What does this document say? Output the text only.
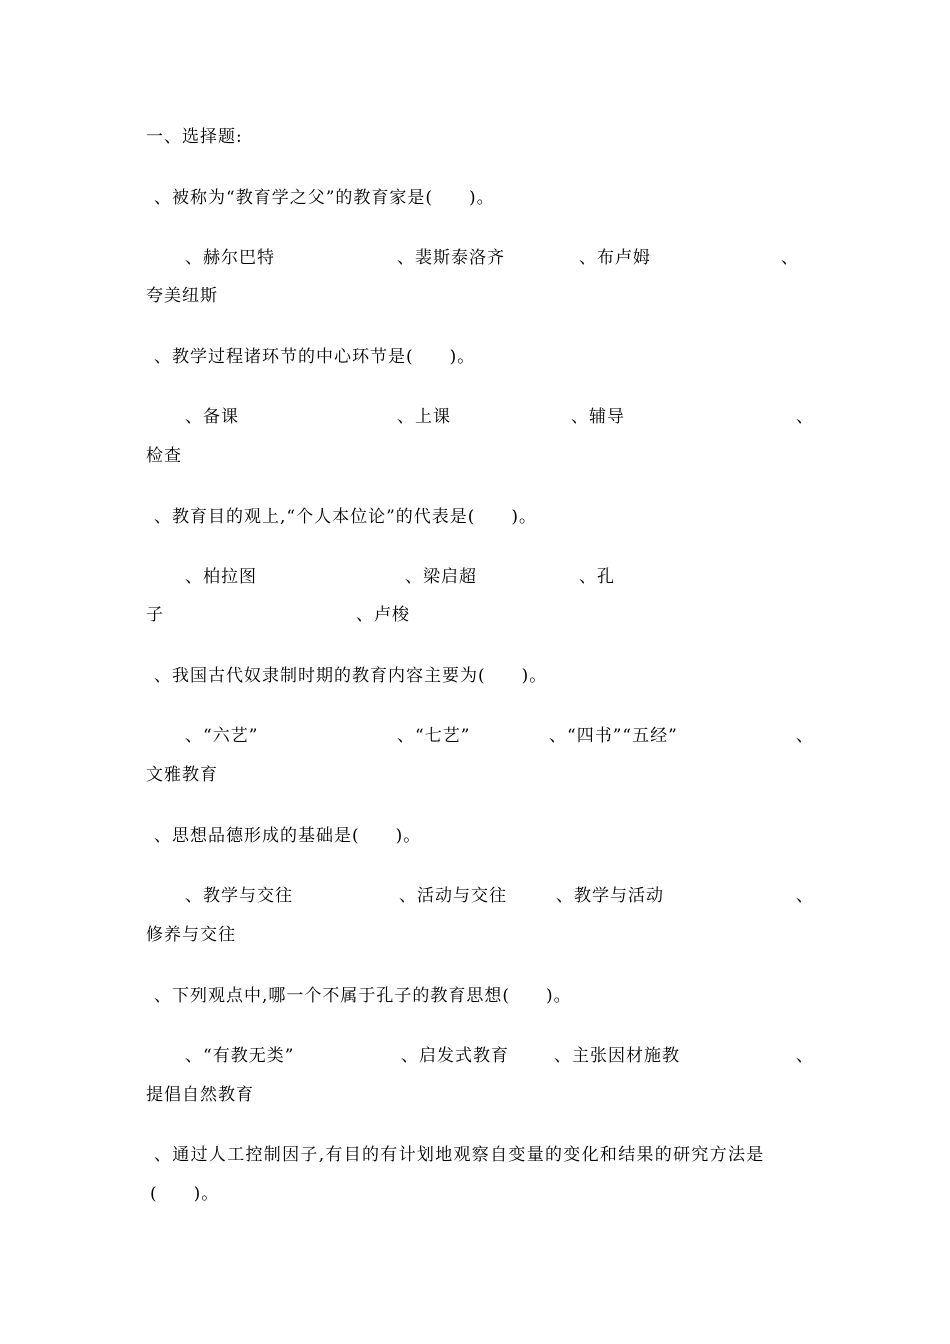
一、选择题:
、被称为“教育学之父”的教育家是(　　)。
、赫尔巴特	、裴斯泰洛齐	、布卢姆	、
夸美纽斯
、教学过程诸环节的中心环节是(　　)。
、备课	、上课	、辅导	、
检查
、教育目的观上,“个人本位论”的代表是(　　)。
、柏拉图	、梁启超	、孔
子	、卢梭
、我国古代奴隶制时期的教育内容主要为(　　)。
、“六艺”	、“七艺”	、“四书”“五经”	、
文雅教育
、思想品德形成的基础是(　　)。
、教学与交往	、活动与交往	、教学与活动	、
修养与交往
、下列观点中,哪一个不属于孔子的教育思想(　　)。
、“有教无类”	、启发式教育	、主张因材施教	、
提倡自然教育
、通过人工控制因子,有目的有计划地观察自变量的变化和结果的研究方法是
(　　)。
